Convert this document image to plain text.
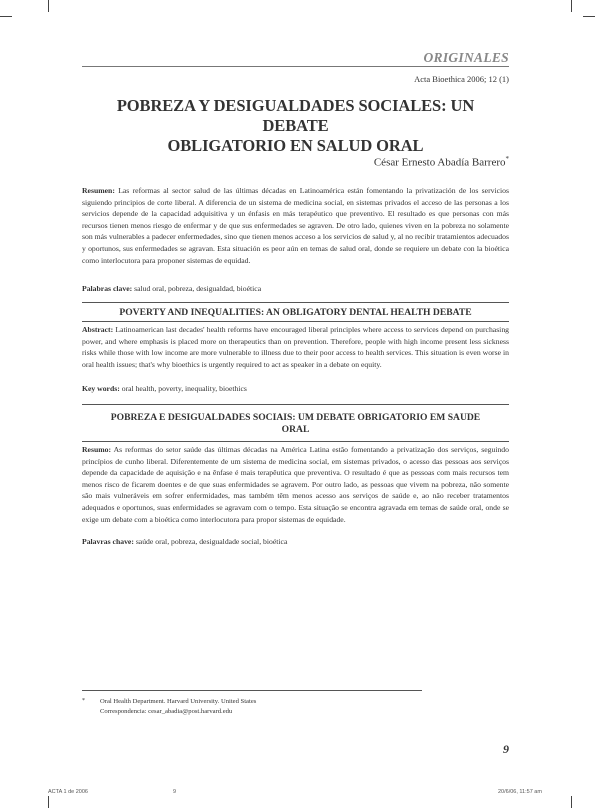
ORIGINALES
Acta Bioethica 2006; 12 (1)
POBREZA Y DESIGUALDADES SOCIALES: UN DEBATE
OBLIGATORIO EN SALUD ORAL
César Ernesto Abadía Barrero*
Resumen: Las reformas al sector salud de las últimas décadas en Latinoamérica están fomentando la privatización de los servicios siguiendo principios de corte liberal. A diferencia de un sistema de medicina social, en sistemas privados el acceso de las personas a los servicios depende de la capacidad adquisitiva y un énfasis en más terapéutico que preventivo. El resultado es que personas con más recursos tienen menos riesgo de enfermar y de que sus enfermedades se agraven. De otro lado, quienes viven en la pobreza no solamente son más vulnerables a padecer enfermedades, sino que tienen menos acceso a los servicios de salud y, al no recibir tratamientos adecuados y oportunos, sus enfermedades se agravan. Esta situación es peor aún en temas de salud oral, donde se requiere un debate con la bioética como interlocutora para proponer sistemas de equidad.
Palabras clave: salud oral, pobreza, desigualdad, bioética
POVERTY AND INEQUALITIES: AN OBLIGATORY DENTAL HEALTH DEBATE
Abstract: Latinoamerican last decades' health reforms have encouraged liberal principles where access to services depend on purchasing power, and where emphasis is placed more on therapeutics than on prevention. Therefore, people with high income present less sickness risks while those with low income are more vulnerable to illness due to their poor access to health services. This situation is even worse in oral health issues; that's why bioethics is urgently required to act as speaker in a debate on equity.
Key words: oral health, poverty, inequality, bioethics
POBREZA E DESIGUALDADES SOCIAIS: UM DEBATE OBRIGATORIO EM SAUDE
ORAL
Resumo: As reformas do setor saúde das últimas décadas na América Latina estão fomentando a privatização dos serviços, seguindo princípios de cunho liberal. Diferentemente de um sistema de medicina social, em sistemas privados, o acesso das pessoas aos serviços depende da capacidade de aquisição e na ênfase é mais terapêutica que preventiva. O resultado é que as pessoas com mais recursos tem menos risco de ficarem doentes e de que suas enfermidades se agravem. Por outro lado, as pessoas que vivem na pobreza, não somente são mais vulneráveis em sofrer enfermidades, mas também têm menos acesso aos serviços de saúde e, ao não receber tratamentos adequados e oportunos, suas enfermidades se agravam com o tempo. Esta situação se encontra agravada em temas de saúde oral, onde se exige um debate com a bioética como interlocutora para propor sistemas de equidade.
Palavras chave: saúde oral, pobreza, desigualdade social, bioética
*	Oral Health Department. Harvard University. United States
Correspondencia: cesar_abadia@post.harvard.edu
9
ACTA 1 de 2006	9	20/6/06, 11:57 am
